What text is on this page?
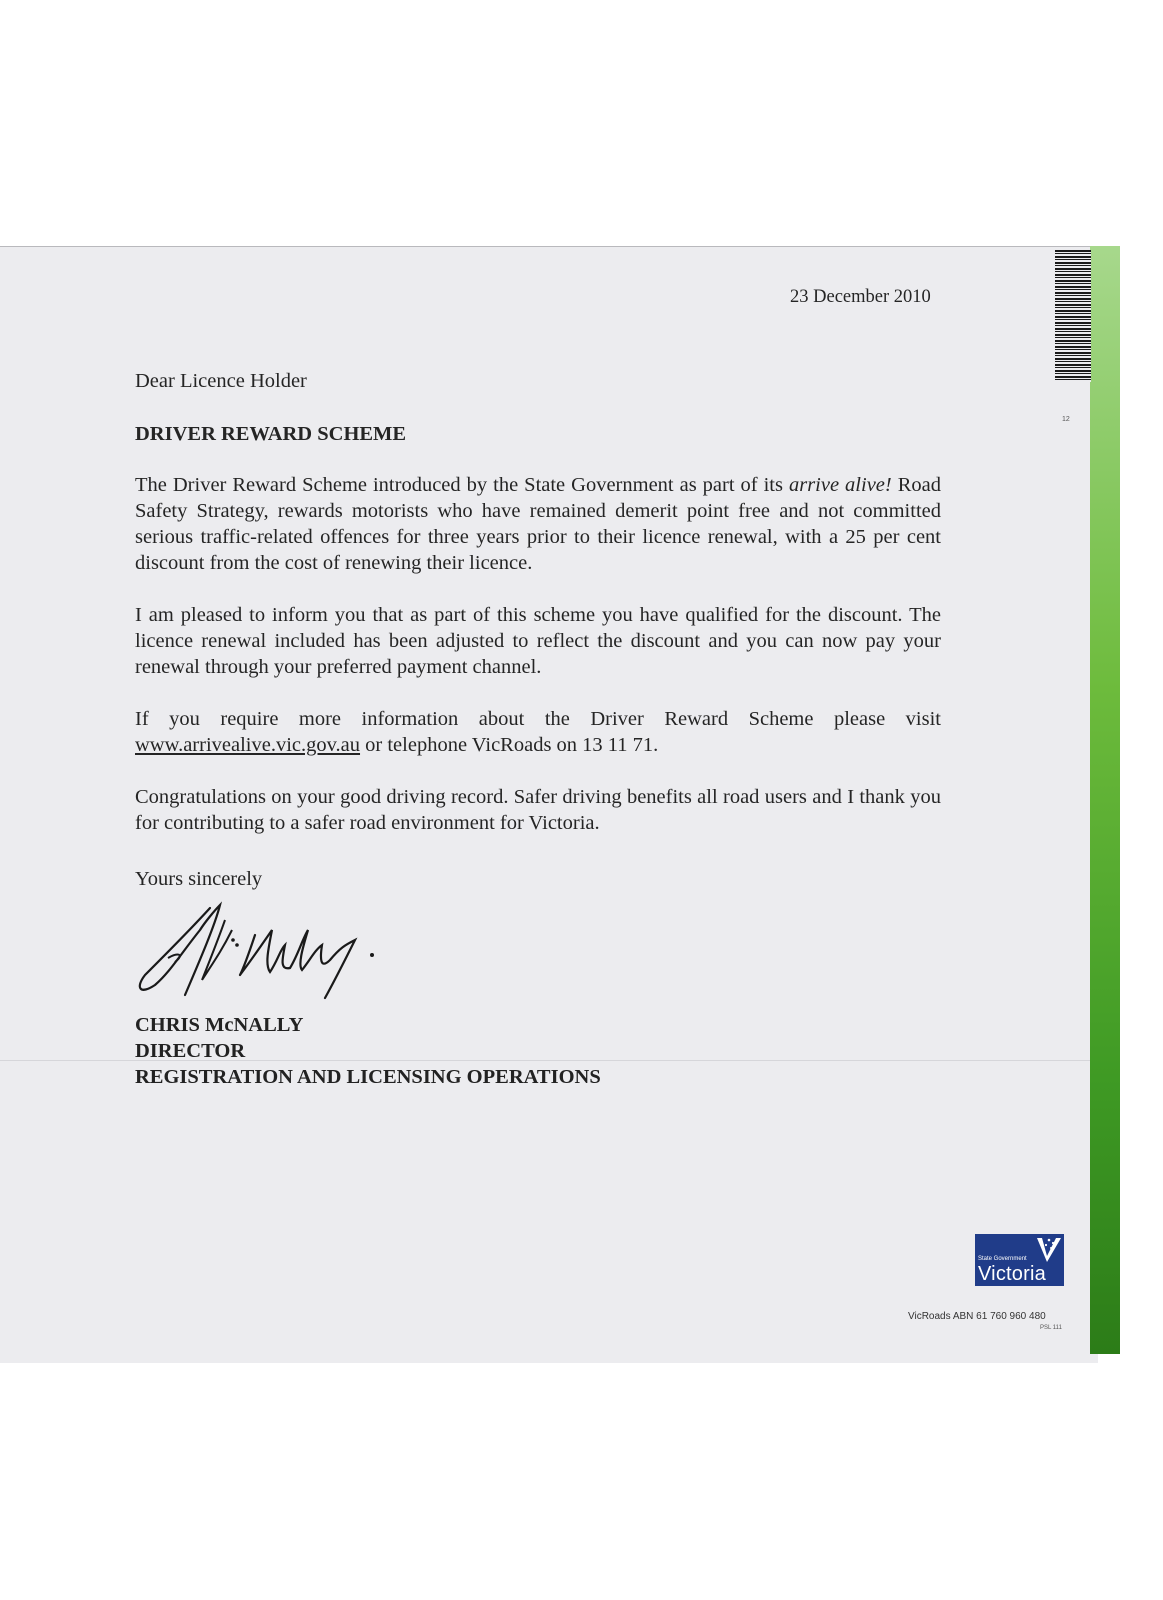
12
23 December 2010
Dear Licence Holder
DRIVER REWARD SCHEME
The Driver Reward Scheme introduced by the State Government as part of its arrive alive! Road Safety Strategy, rewards motorists who have remained demerit point free and not committed serious traffic-related offences for three years prior to their licence renewal, with a 25 per cent discount from the cost of renewing their licence.
I am pleased to inform you that as part of this scheme you have qualified for the discount. The licence renewal included has been adjusted to reflect the discount and you can now pay your renewal through your preferred payment channel.
If you require more information about the Driver Reward Scheme please visit www.arrivealive.vic.gov.au or telephone VicRoads on 13 11 71.
Congratulations on your good driving record. Safer driving benefits all road users and I thank you for contributing to a safer road environment for Victoria.
Yours sincerely
CHRIS McNALLY
DIRECTOR
REGISTRATION AND LICENSING OPERATIONS
State Government
Victoria
VicRoads ABN 61 760 960 480
PSL 111
